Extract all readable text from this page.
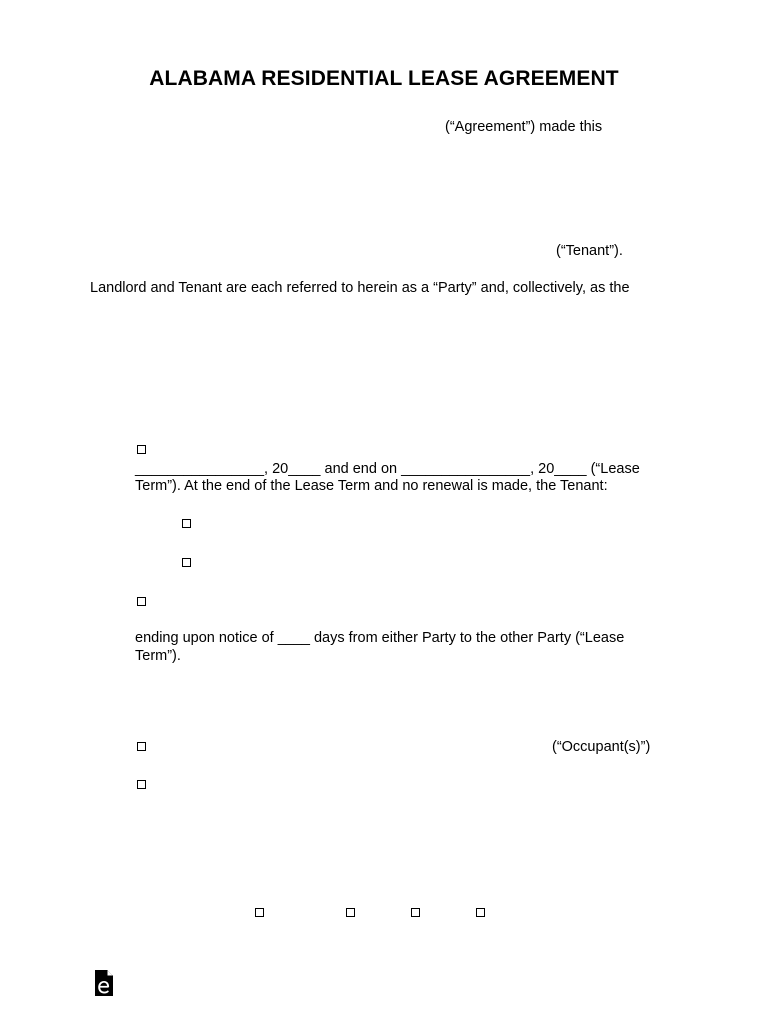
ALABAMA RESIDENTIAL LEASE AGREEMENT
(“Agreement”) made this
(“Tenant”).
Landlord and Tenant are each referred to herein as a “Party” and, collectively, as the
________________, 20____ and end on ________________, 20____ (“Lease
Term”). At the end of the Lease Term and no renewal is made, the Tenant:
ending upon notice of ____ days from either Party to the other Party (“Lease
Term”).
(“Occupant(s)”)
